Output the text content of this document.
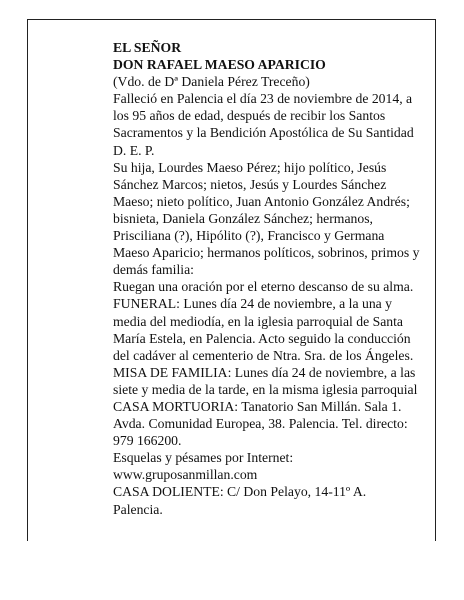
EL SEÑOR
DON RAFAEL MAESO APARICIO
(Vdo. de Dª Daniela Pérez Treceño)
Falleció en Palencia el día 23 de noviembre de 2014, a
los 95 años de edad, después de recibir los Santos
Sacramentos y la Bendición Apostólica de Su Santidad
D. E. P.
Su hija, Lourdes Maeso Pérez; hijo político, Jesús
Sánchez Marcos; nietos, Jesús y Lourdes Sánchez
Maeso; nieto político, Juan Antonio González Andrés;
bisnieta, Daniela González Sánchez; hermanos,
Prisciliana (?), Hipólito (?), Francisco y Germana
Maeso Aparicio; hermanos políticos, sobrinos, primos y
demás familia:
Ruegan una oración por el eterno descanso de su alma.
FUNERAL: Lunes día 24 de noviembre, a la una y
media del mediodía, en la iglesia parroquial de Santa
María Estela, en Palencia. Acto seguido la conducción
del cadáver al cementerio de Ntra. Sra. de los Ángeles.
MISA DE FAMILIA: Lunes día 24 de noviembre, a las
siete y media de la tarde, en la misma iglesia parroquial
CASA MORTUORIA: Tanatorio San Millán. Sala 1.
Avda. Comunidad Europea, 38. Palencia. Tel. directo:
979 166200.
Esquelas y pésames por Internet:
www.gruposanmillan.com
CASA DOLIENTE: C/ Don Pelayo, 14-11º A.
Palencia.
